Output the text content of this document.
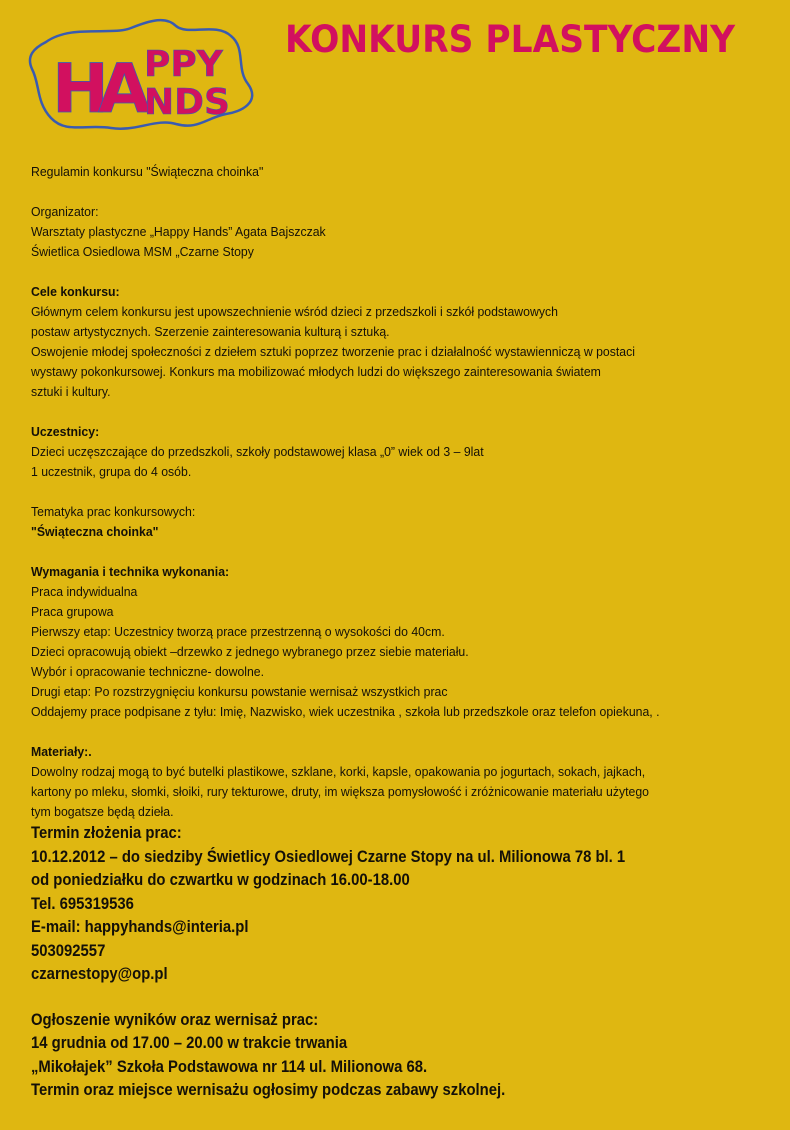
H
A
PPY
NDS
KONKURS PLASTYCZNY
Regulamin konkursu "Świąteczna choinka"
Organizator:
Warsztaty plastyczne „Happy Hands” Agata Bajszczak
Świetlica Osiedlowa MSM „Czarne Stopy
Cele konkursu:
Głównym celem konkursu jest upowszechnienie wśród dzieci z przedszkoli i szkół podstawowych
postaw artystycznych. Szerzenie zainteresowania kulturą i sztuką.
Oswojenie młodej społeczności z dziełem sztuki poprzez tworzenie prac i działalność wystawienniczą w postaci
wystawy pokonkursowej. Konkurs ma mobilizować młodych ludzi do większego zainteresowania światem
sztuki i kultury.
Uczestnicy:
Dzieci uczęszczające do przedszkoli, szkoły podstawowej klasa „0” wiek od 3 – 9lat
1 uczestnik, grupa do 4 osób.
Tematyka prac konkursowych:
"Świąteczna choinka"
Wymagania i technika wykonania:
Praca indywidualna
Praca grupowa
Pierwszy etap: Uczestnicy tworzą prace przestrzenną o wysokości do 40cm.
Dzieci opracowują obiekt –drzewko z jednego wybranego przez siebie materiału.
Wybór i opracowanie techniczne- dowolne.
Drugi etap: Po rozstrzygnięciu konkursu powstanie wernisaż wszystkich prac
Oddajemy prace podpisane z tyłu: Imię, Nazwisko, wiek uczestnika , szkoła lub przedszkole oraz telefon opiekuna, .
Materiały:.
Dowolny rodzaj mogą to być butelki plastikowe, szklane, korki, kapsle, opakowania po jogurtach, sokach, jajkach,
kartony po mleku, słomki, słoiki, rury tekturowe, druty, im większa pomysłowość i zróżnicowanie materiału użytego
tym bogatsze będą dzieła.
Termin złożenia prac:
10.12.2012 – do siedziby Świetlicy Osiedlowej Czarne Stopy na ul. Milionowa 78 bl. 1
od poniedziałku do czwartku w godzinach 16.00-18.00
Tel. 695319536
E-mail: happyhands@interia.pl
503092557
czarnestopy@op.pl
Ogłoszenie wyników oraz wernisaż prac:
14 grudnia od 17.00 – 20.00 w trakcie trwania
„Mikołajek” Szkoła Podstawowa nr 114 ul. Milionowa 68.
Termin oraz miejsce wernisażu ogłosimy podczas zabawy szkolnej.
